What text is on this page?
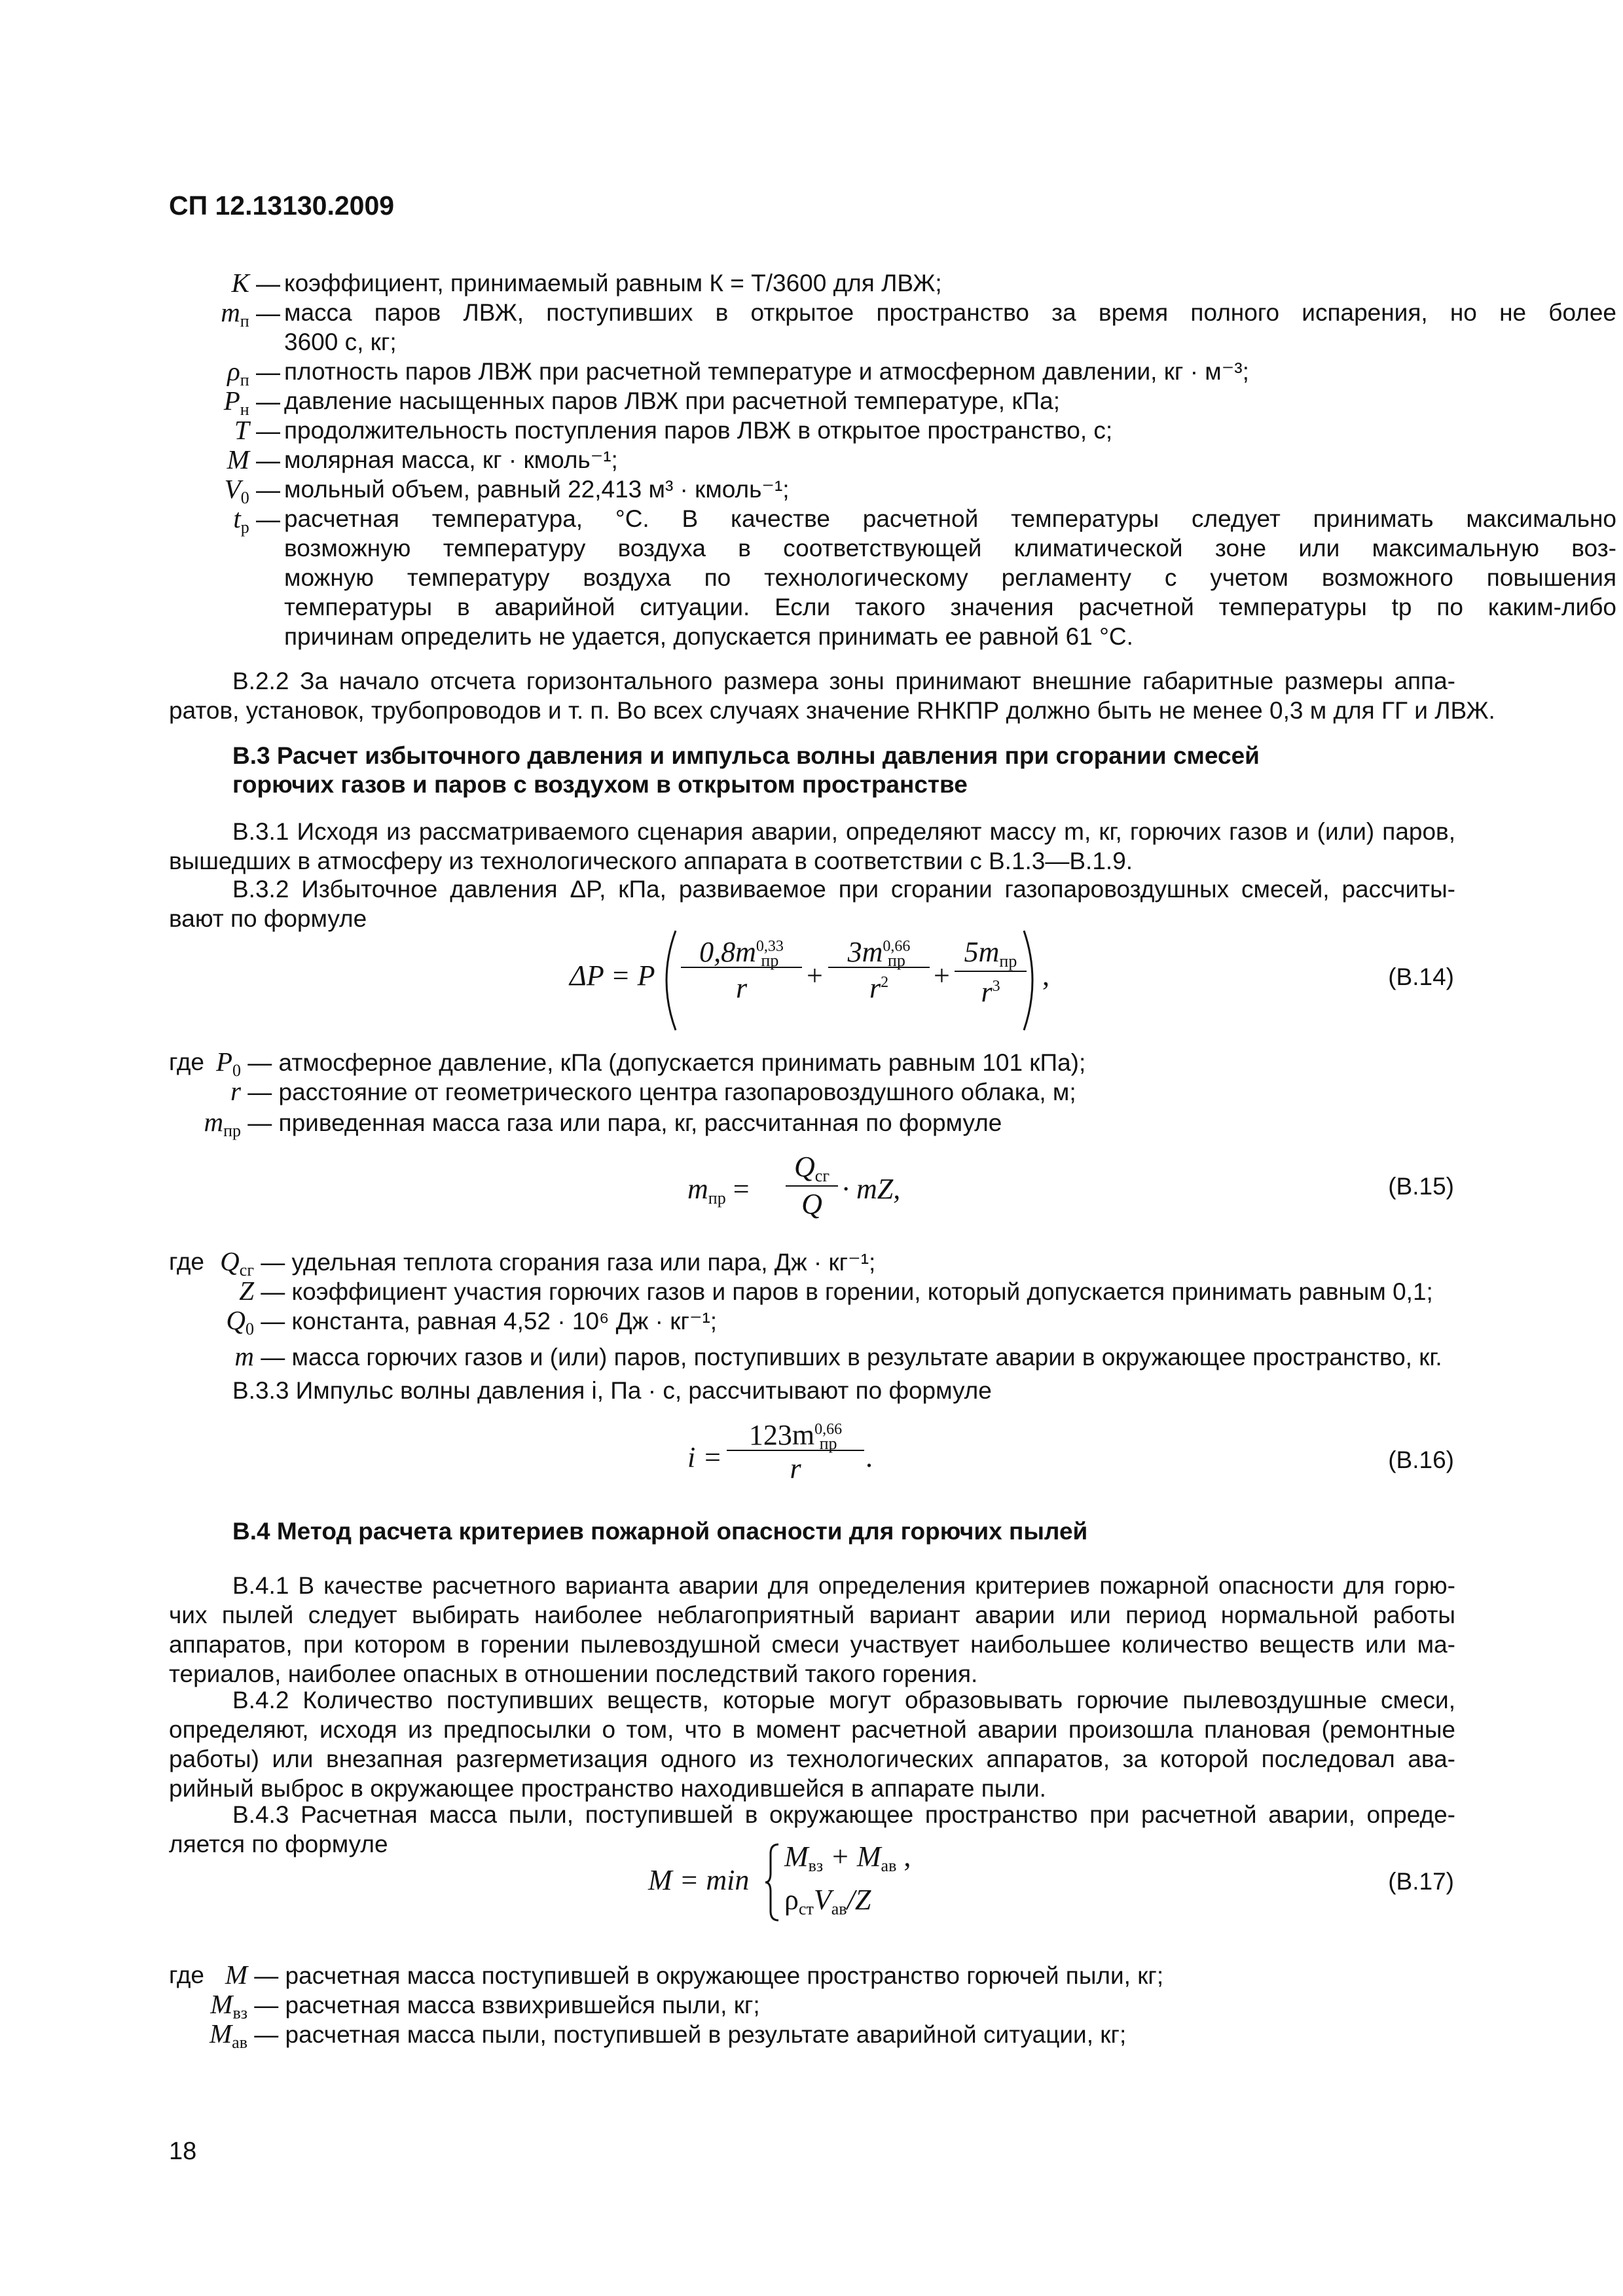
СП 12.13130.2009
К — коэффициент, принимаемый равным К = Т/3600 для ЛВЖ;
mп — масса паров ЛВЖ, поступивших в открытое пространство за время полного испарения, но не более
3600 с, кг;
ρп — плотность паров ЛВЖ при расчетной температуре и атмосферном давлении, кг · м⁻³;
Pн — давление насыщенных паров ЛВЖ при расчетной температуре, кПа;
T — продолжительность поступления паров ЛВЖ в открытое пространство, с;
M — молярная масса, кг · кмоль⁻¹;
V0 — мольный объем, равный 22,413 м³ · кмоль⁻¹;
tр — расчетная температура, °С. В качестве расчетной температуры следует принимать максимально
возможную температуру воздуха в соответствующей климатической зоне или максимальную воз-
можную температуру воздуха по технологическому регламенту с учетом возможного повышения
температуры в аварийной ситуации. Если такого значения расчетной температуры tр по каким-либо
причинам определить не удается, допускается принимать ее равной 61 °С.
В.2.2 За начало отсчета горизонтального размера зоны принимают внешние габаритные размеры аппа-
ратов, установок, трубопроводов и т. п. Во всех случаях значение RНКПР должно быть не менее 0,3 м для ГГ и ЛВЖ.
В.3 Расчет избыточного давления и импульса волны давления при сгорании смесей
горючих газов и паров с воздухом в открытом пространстве
В.3.1 Исходя из рассматриваемого сценария аварии, определяют массу m, кг, горючих газов и (или) паров,
вышедших в атмосферу из технологического аппарата в соответствии с В.1.3—В.1.9.
В.3.2 Избыточное давления ΔP, кПа, развиваемое при сгорании газопаровоздушных смесей, рассчиты-
вают по формуле
ΔP = P
0,8m 0,33
пр
r	+
3m 0,66
пр
$r^2$	+
5mпр
$r^3$	,	(В.14)
где $P_0$ — атмосферное давление, кПа (допускается принимать равным 101 кПа);
r — расстояние от геометрического центра газопаровоздушного облака, м;
$m_{пр}$ — приведенная масса газа или пара, кг, рассчитанная по формуле
mпр =
Qсг
Q · mZ,	(В.15)
где $Q_{сг}$ — удельная теплота сгорания газа или пара, Дж · кг⁻¹;
Z — коэффициент участия горючих газов и паров в горении, который допускается принимать равным 0,1;
$Q_0$ — константа, равная 4,52 · 10⁶ Дж · кг⁻¹;
m — масса горючих газов и (или) паров, поступивших в результате аварии в окружающее пространство, кг.
В.3.3 Импульс волны давления i, Па · с, рассчитывают по формуле
i =
123m 0,66
пр
r	.	(В.16)
В.4 Метод расчета критериев пожарной опасности для горючих пылей
В.4.1 В качестве расчетного варианта аварии для определения критериев пожарной опасности для горю-
чих пылей следует выбирать наиболее неблагоприятный вариант аварии или период нормальной работы
аппаратов, при котором в горении пылевоздушной смеси участвует наибольшее количество веществ или ма-
териалов, наиболее опасных в отношении последствий такого горения.
В.4.2 Количество поступивших веществ, которые могут образовывать горючие пылевоздушные смеси,
определяют, исходя из предпосылки о том, что в момент расчетной аварии произошла плановая (ремонтные
работы) или внезапная разгерметизация одного из технологических аппаратов, за которой последовал ава-
рийный выброс в окружающее пространство находившейся в аппарате пыли.
В.4.3 Расчетная масса пыли, поступившей в окружающее пространство при расчетной аварии, опреде-
ляется по формуле
M = min
Mвз + Mав ,
ρстVав/Z
(В.17)
где M — расчетная масса поступившей в окружающее пространство горючей пыли, кг;
$M_{вз}$ — расчетная масса взвихрившейся пыли, кг;
$M_{ав}$ — расчетная масса пыли, поступившей в результате аварийной ситуации, кг;
18
